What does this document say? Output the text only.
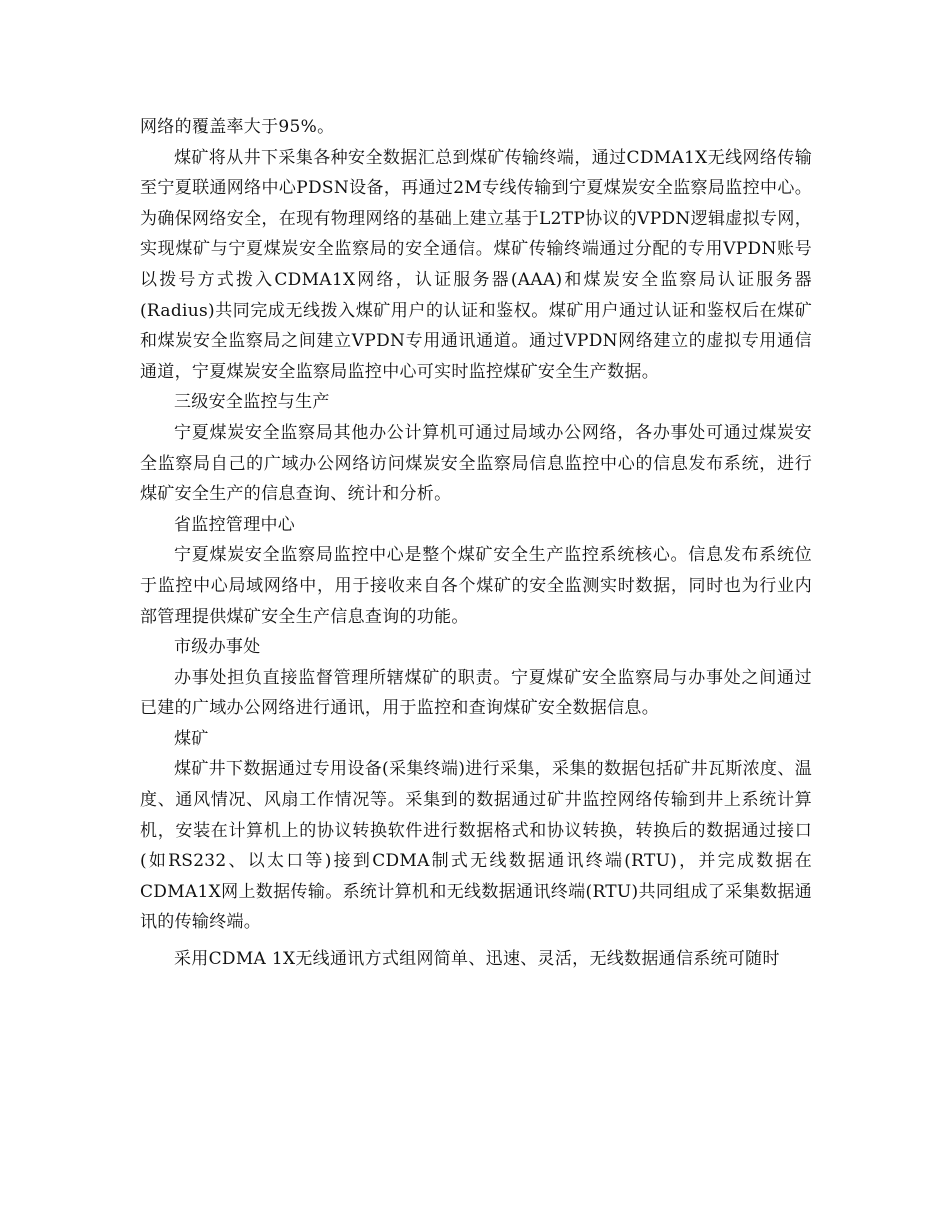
网络的覆盖率大于95%。

煤矿将从井下采集各种安全数据汇总到煤矿传输终端，通过CDMA1X无线网络传输至宁夏联通网络中心PDSN设备，再通过2M专线传输到宁夏煤炭安全监察局监控中心。为确保网络安全，在现有物理网络的基础上建立基于L2TP协议的VPDN逻辑虚拟专网，实现煤矿与宁夏煤炭安全监察局的安全通信。煤矿传输终端通过分配的专用VPDN账号以拨号方式拨入CDMA1X网络，认证服务器(AAA)和煤炭安全监察局认证服务器(Radius)共同完成无线拨入煤矿用户的认证和鉴权。煤矿用户通过认证和鉴权后在煤矿和煤炭安全监察局之间建立VPDN专用通讯通道。通过VPDN网络建立的虚拟专用通信通道，宁夏煤炭安全监察局监控中心可实时监控煤矿安全生产数据。

三级安全监控与生产

宁夏煤炭安全监察局其他办公计算机可通过局域办公网络，各办事处可通过煤炭安全监察局自己的广域办公网络访问煤炭安全监察局信息监控中心的信息发布系统，进行煤矿安全生产的信息查询、统计和分析。

省监控管理中心

宁夏煤炭安全监察局监控中心是整个煤矿安全生产监控系统核心。信息发布系统位于监控中心局域网络中，用于接收来自各个煤矿的安全监测实时数据，同时也为行业内部管理提供煤矿安全生产信息查询的功能。

市级办事处

办事处担负直接监督管理所辖煤矿的职责。宁夏煤矿安全监察局与办事处之间通过已建的广域办公网络进行通讯，用于监控和查询煤矿安全数据信息。

煤矿

煤矿井下数据通过专用设备(采集终端)进行采集，采集的数据包括矿井瓦斯浓度、温度、通风情况、风扇工作情况等。采集到的数据通过矿井监控网络传输到井上系统计算机，安装在计算机上的协议转换软件进行数据格式和协议转换，转换后的数据通过接口(如RS232、以太口等)接到CDMA制式无线数据通讯终端(RTU)，并完成数据在CDMA1X网上数据传输。系统计算机和无线数据通讯终端(RTU)共同组成了采集数据通讯的传输终端。

采用CDMA 1X无线通讯方式组网简单、迅速、灵活，无线数据通信系统可随时
